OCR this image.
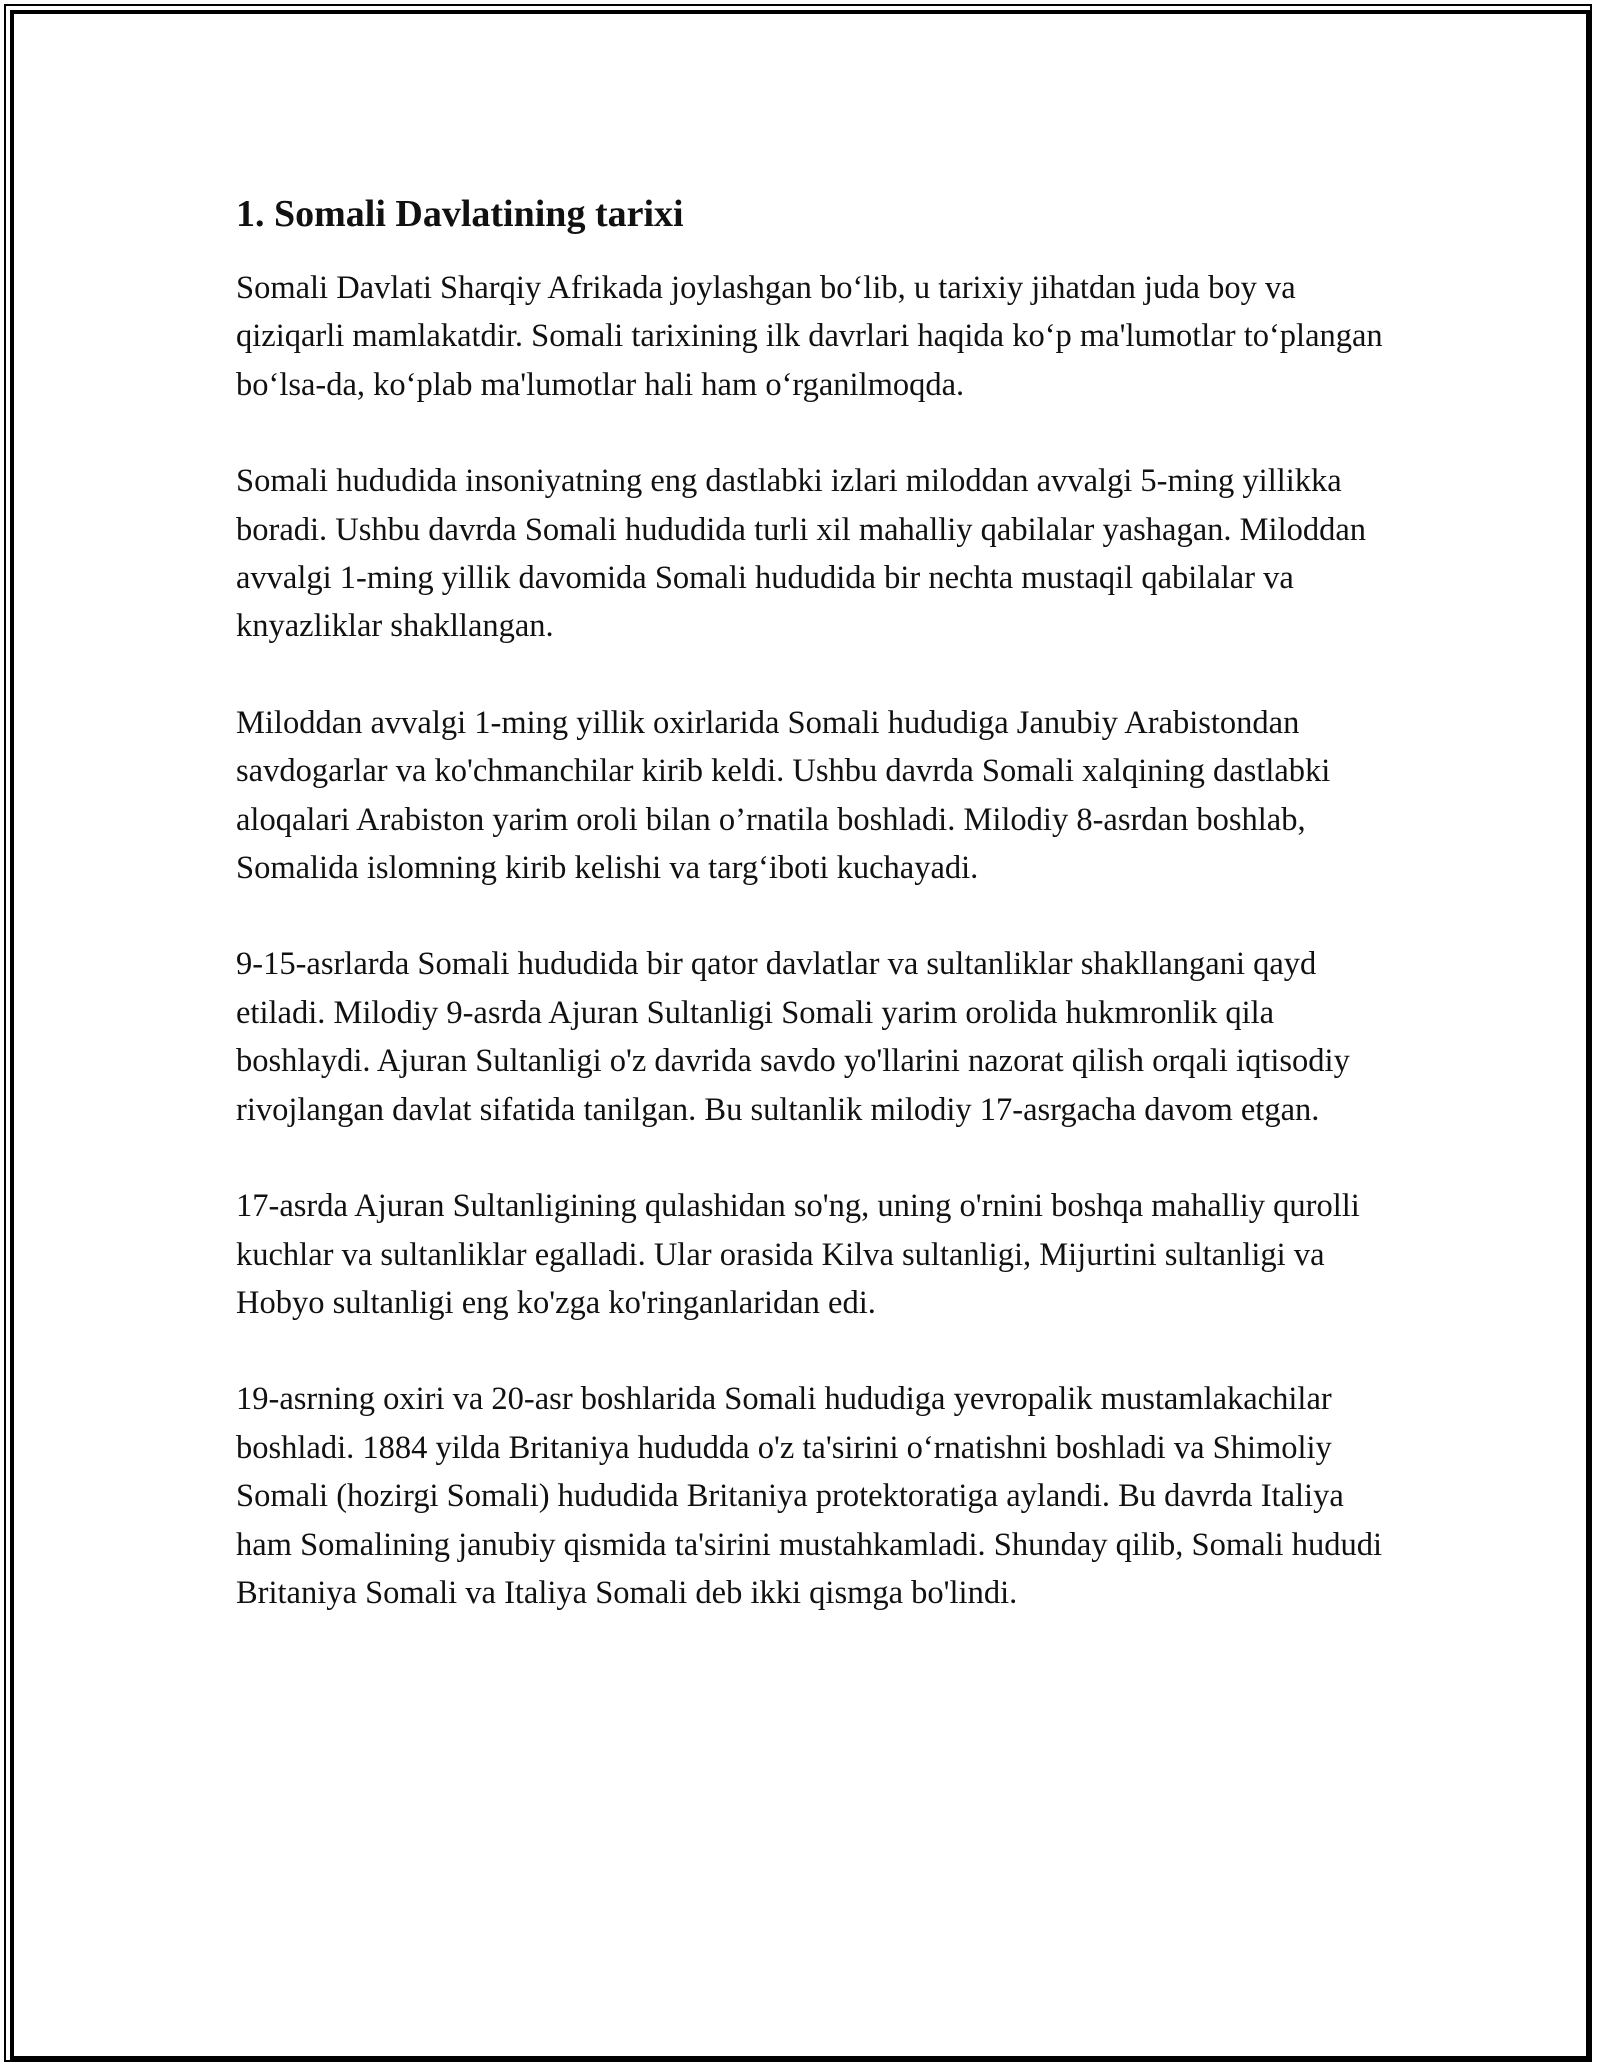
1. Somali Davlatining tarixi

Somali Davlati Sharqiy Afrikada joylashgan bo‘lib, u tarixiy jihatdan juda boy va qiziqarli mamlakatdir. Somali tarixining ilk davrlari haqida ko‘p ma'lumotlar to‘plangan bo‘lsa-da, ko‘plab ma'lumotlar hali ham o‘rganilmoqda.

Somali hududida insoniyatning eng dastlabki izlari miloddan avvalgi 5-ming yillikka boradi. Ushbu davrda Somali hududida turli xil mahalliy qabilalar yashagan. Miloddan avvalgi 1-ming yillik davomida Somali hududida bir nechta mustaqil qabilalar va knyazliklar shakllangan.

Miloddan avvalgi 1-ming yillik oxirlarida Somali hududiga Janubiy Arabistondan savdogarlar va ko'chmanchilar kirib keldi. Ushbu davrda Somali xalqining dastlabki aloqalari Arabiston yarim oroli bilan o’rnatila boshladi. Milodiy 8-asrdan boshlab, Somalida islomning kirib kelishi va targ‘iboti kuchayadi.

9-15-asrlarda Somali hududida bir qator davlatlar va sultanliklar shakllangani qayd etiladi. Milodiy 9-asrda Ajuran Sultanligi Somali yarim orolida hukmronlik qila boshlaydi. Ajuran Sultanligi o'z davrida savdo yo'llarini nazorat qilish orqali iqtisodiy rivojlangan davlat sifatida tanilgan. Bu sultanlik milodiy 17-asrgacha davom etgan.

17-asrda Ajuran Sultanligining qulashidan so'ng, uning o'rnini boshqa mahalliy qurolli kuchlar va sultanliklar egalladi. Ular orasida Kilva sultanligi, Mijurtini sultanligi va Hobyo sultanligi eng ko'zga ko'ringanlaridan edi.

19-asrning oxiri va 20-asr boshlarida Somali hududiga yevropalik mustamlakachilar boshladi. 1884 yilda Britaniya hududda o'z ta'sirini o‘rnatishni boshladi va Shimoliy Somali (hozirgi Somali) hududida Britaniya protektoratiga aylandi. Bu davrda Italiya ham Somalining janubiy qismida ta'sirini mustahkamladi. Shunday qilib, Somali hududi Britaniya Somali va Italiya Somali deb ikki qismga bo'lindi.
